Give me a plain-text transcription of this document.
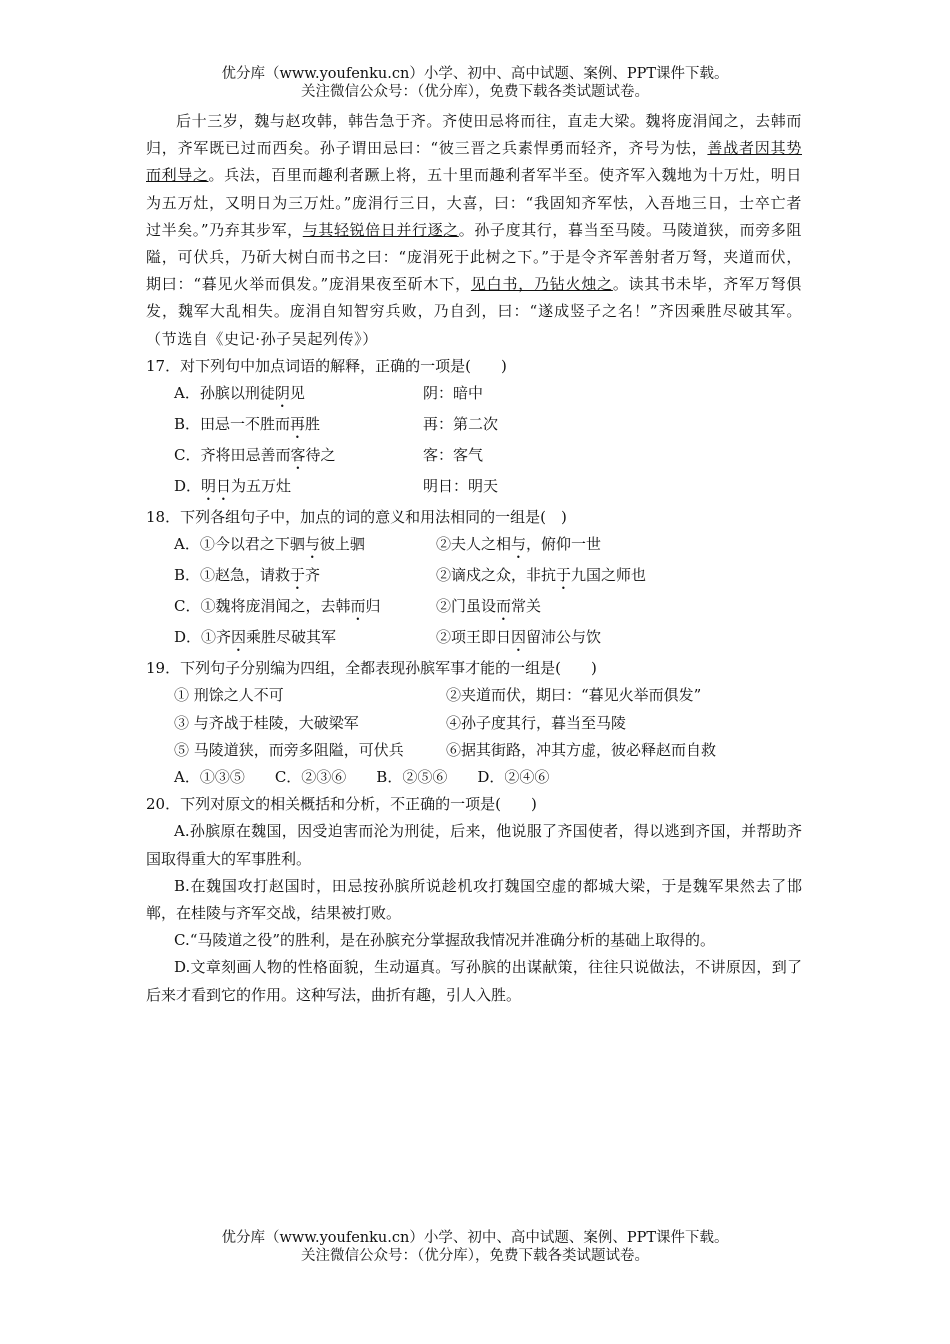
优分库（www.youfenku.cn）小学、初中、高中试题、案例、PPT课件下载。
关注微信公众号：（优分库），免费下载各类试题试卷。

后十三岁，魏与赵攻韩，韩告急于齐。齐使田忌将而往，直走大梁。魏将庞涓闻之，去韩而归，齐军既已过而西矣。孙子谓田忌曰：“彼三晋之兵素悍勇而轻齐，齐号为怯，善战者因其势而利导之。兵法，百里而趣利者蹶上将，五十里而趣利者军半至。使齐军入魏地为十万灶，明日为五万灶，又明日为三万灶。”庞涓行三日，大喜，曰：“我固知齐军怯，入吾地三日，士卒亡者过半矣。”乃弃其步军，与其轻锐倍日并行逐之。孙子度其行，暮当至马陵。马陵道狭，而旁多阻隘，可伏兵，乃斫大树白而书之曰：“庞涓死于此树之下。”于是令齐军善射者万弩，夹道而伏，期曰：“暮见火举而俱发。”庞涓果夜至斫木下，见白书，乃钻火烛之。读其书未毕，齐军万弩俱发，魏军大乱相失。庞涓自知智穷兵败，乃自刭，曰：“遂成竖子之名！”齐因乘胜尽破其军。（节选自《史记·孙子吴起列传》）

17．对下列句中加点词语的解释，正确的一项是(　　)

A．孙膑以刑徒阴见	阴：暗中
B．田忌一不胜而再胜	再：第二次
C．齐将田忌善而客待之	客：客气
D．明日为五万灶	明日：明天

18．下列各组句子中，加点的词的意义和用法相同的一组是(　)

A．①今以君之下驷与彼上驷	②夫人之相与，俯仰一世
B．①赵急，请救于齐	②谪戍之众，非抗于九国之师也
C．①魏将庞涓闻之，去韩而归	②门虽设而常关
D．①齐因乘胜尽破其军	②项王即日因留沛公与饮

19．下列句子分别编为四组，全都表现孙膑军事才能的一组是(　　)

① 刑馀之人不可	②夹道而伏，期曰：“暮见火举而俱发”
③ 与齐战于桂陵，大破梁军	④孙子度其行，暮当至马陵
⑤ 马陵道狭，而旁多阻隘，可伏兵	⑥据其街路，冲其方虚，彼必释赵而自救
A．①③⑤　　C．②③⑥　　B．②⑤⑥　　D．②④⑥

20．下列对原文的相关概括和分析，不正确的一项是(　　)

A.孙膑原在魏国，因受迫害而沦为刑徒，后来，他说服了齐国使者，得以逃到齐国，并帮助齐国取得重大的军事胜利。

B.在魏国攻打赵国时，田忌按孙膑所说趁机攻打魏国空虚的都城大梁，于是魏军果然去了邯郸，在桂陵与齐军交战，结果被打败。

C.“马陵道之役”的胜利，是在孙膑充分掌握敌我情况并准确分析的基础上取得的。

D.文章刻画人物的性格面貌，生动逼真。写孙膑的出谋献策，往往只说做法，不讲原因，到了后来才看到它的作用。这种写法，曲折有趣，引人入胜。

优分库（www.youfenku.cn）小学、初中、高中试题、案例、PPT课件下载。
关注微信公众号：（优分库），免费下载各类试题试卷。
